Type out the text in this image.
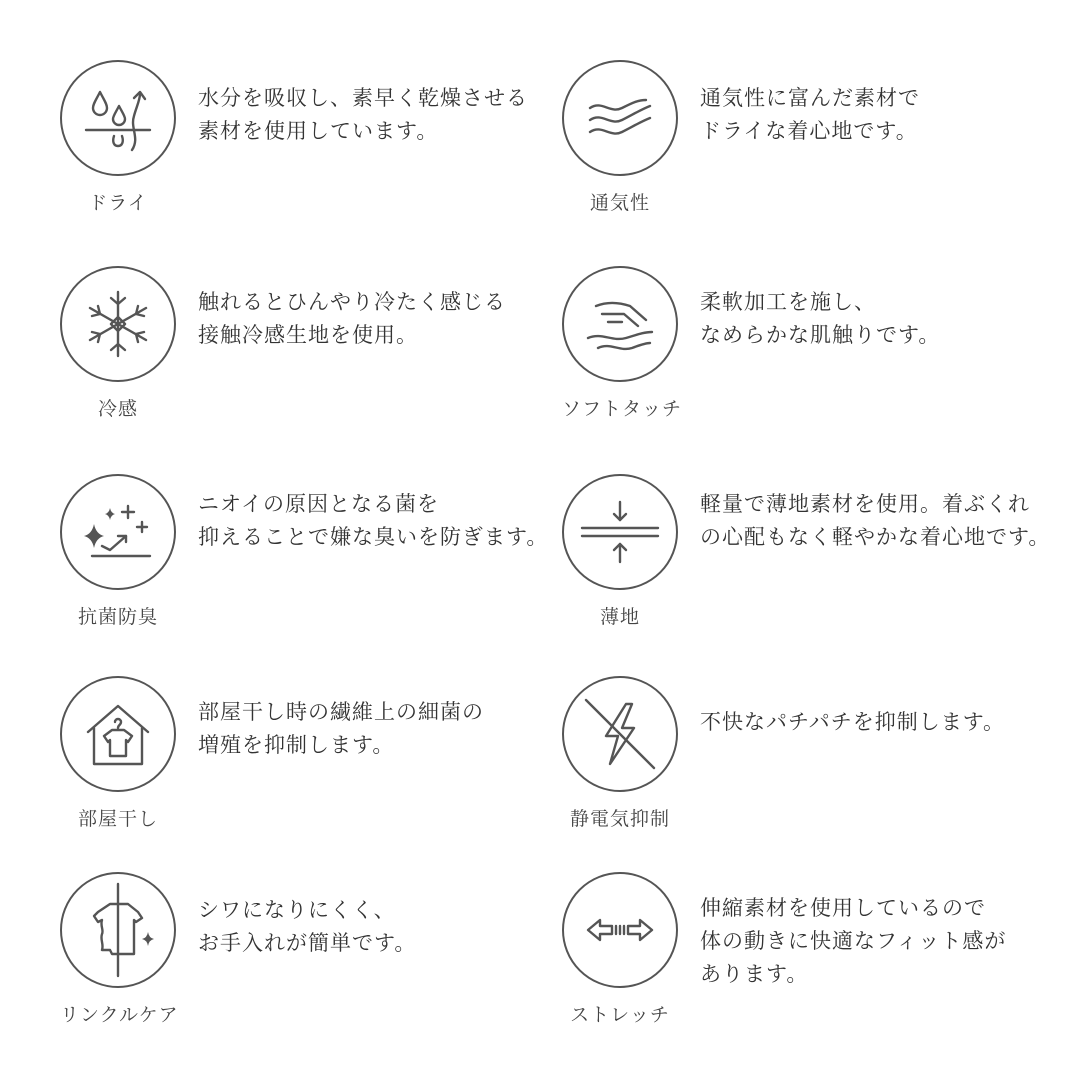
ドライ
水分を吸収し、素早く乾燥させる
素材を使用しています。
通気性
通気性に富んだ素材で
ドライな着心地です。
冷感
触れるとひんやり冷たく感じる
接触冷感生地を使用。
ソフトタッチ
柔軟加工を施し、
なめらかな肌触りです。
抗菌防臭
ニオイの原因となる菌を
抑えることで嫌な臭いを防ぎます。
薄地
軽量で薄地素材を使用。着ぶくれ
の心配もなく軽やかな着心地です。
部屋干し
部屋干し時の繊維上の細菌の
増殖を抑制します。
静電気抑制
不快なパチパチを抑制します。
リンクルケア
シワになりにくく、
お手入れが簡単です。
ストレッチ
伸縮素材を使用しているので
体の動きに快適なフィット感が
あります。
